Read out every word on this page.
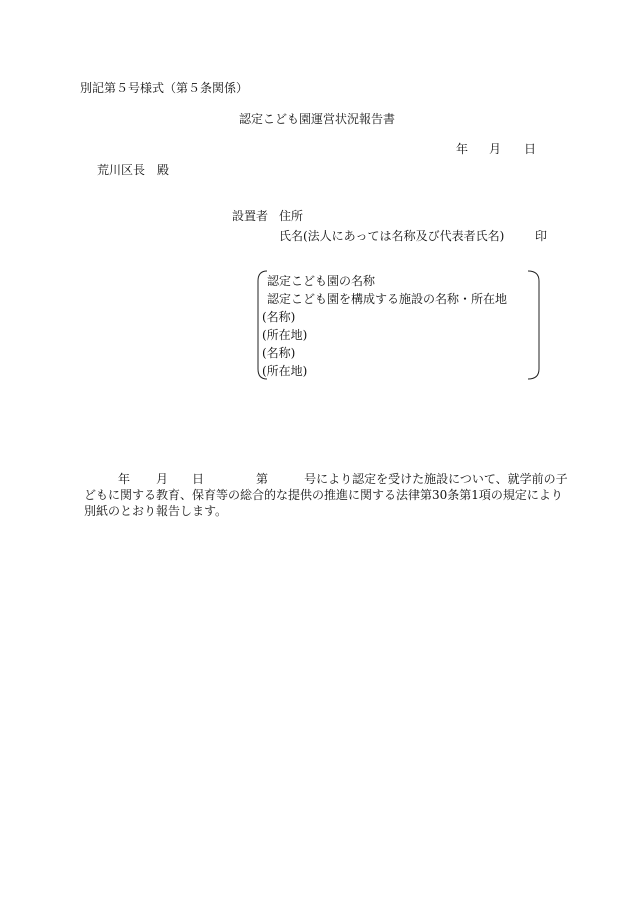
別記第５号様式（第５条関係）
認定こども園運営状況報告書
年 月 日
荒川区長　殿
設置者 住所
氏名(法人にあっては名称及び代表者氏名)	印
認定こども園の名称
認定こども園を構成する施設の名称・所在地
(名称)
(所在地)
(名称)
(所在地)
年 月 日	第	号により認定を受けた施設について、就学前の子
どもに関する教育、保育等の総合的な提供の推進に関する法律第30条第1項の規定により
別紙のとおり報告します。
